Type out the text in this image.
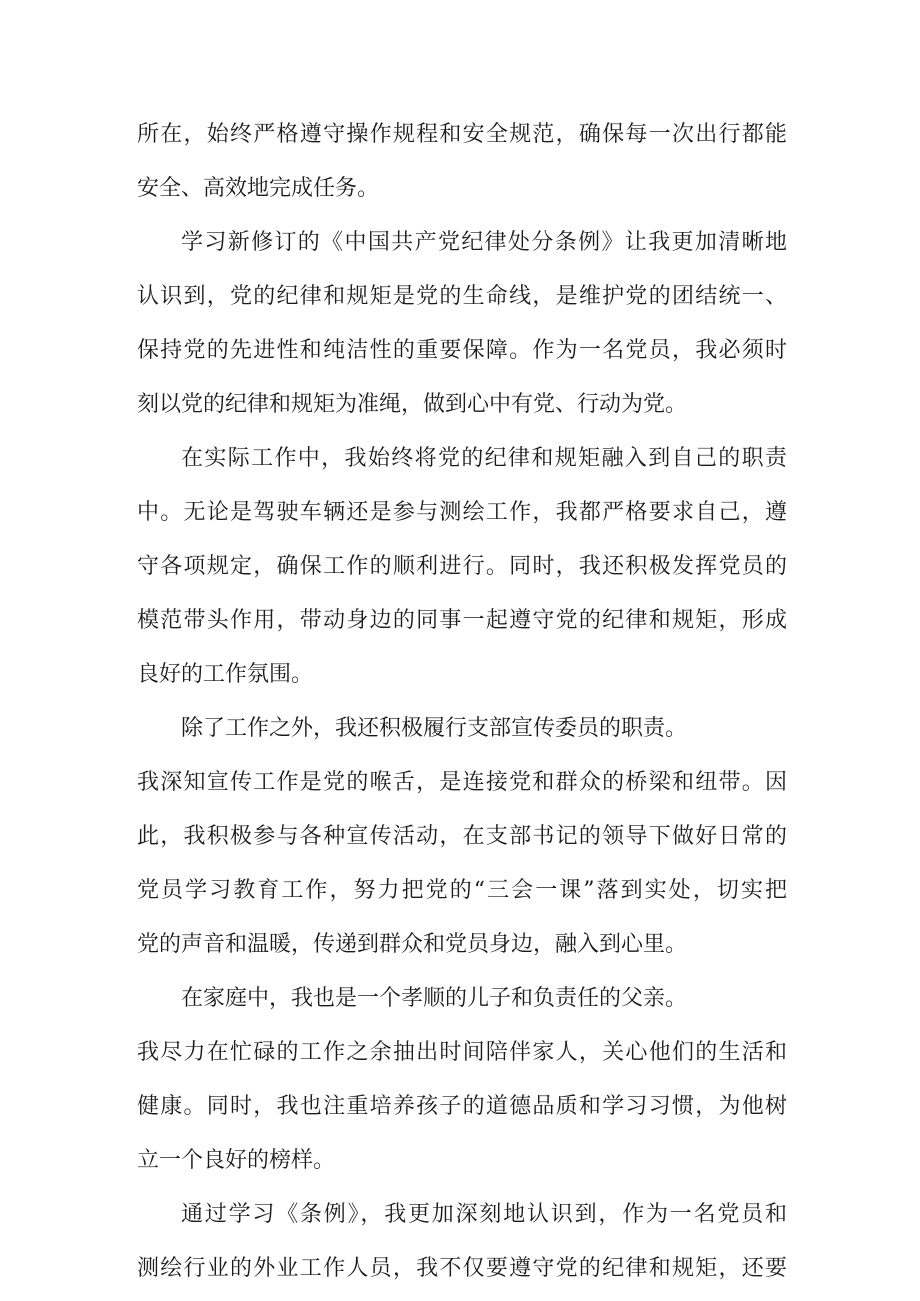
所在，始终严格遵守操作规程和安全规范，确保每一次出行都能
安全、高效地完成任务。
学习新修订的《中国共产党纪律处分条例》让我更加清晰地
认识到，党的纪律和规矩是党的生命线，是维护党的团结统一、
保持党的先进性和纯洁性的重要保障。作为一名党员，我必须时
刻以党的纪律和规矩为准绳，做到心中有党、行动为党。
在实际工作中，我始终将党的纪律和规矩融入到自己的职责
中。无论是驾驶车辆还是参与测绘工作，我都严格要求自己，遵
守各项规定，确保工作的顺利进行。同时，我还积极发挥党员的
模范带头作用，带动身边的同事一起遵守党的纪律和规矩，形成
良好的工作氛围。
除了工作之外，我还积极履行支部宣传委员的职责。
我深知宣传工作是党的喉舌，是连接党和群众的桥梁和纽带。因
此，我积极参与各种宣传活动，在支部书记的领导下做好日常的
党员学习教育工作，努力把党的“三会一课”落到实处，切实把
党的声音和温暖，传递到群众和党员身边，融入到心里。
在家庭中，我也是一个孝顺的儿子和负责任的父亲。
我尽力在忙碌的工作之余抽出时间陪伴家人，关心他们的生活和
健康。同时，我也注重培养孩子的道德品质和学习习惯，为他树
立一个良好的榜样。
通过学习《条例》，我更加深刻地认识到，作为一名党员和
测绘行业的外业工作人员，我不仅要遵守党的纪律和规矩，还要
